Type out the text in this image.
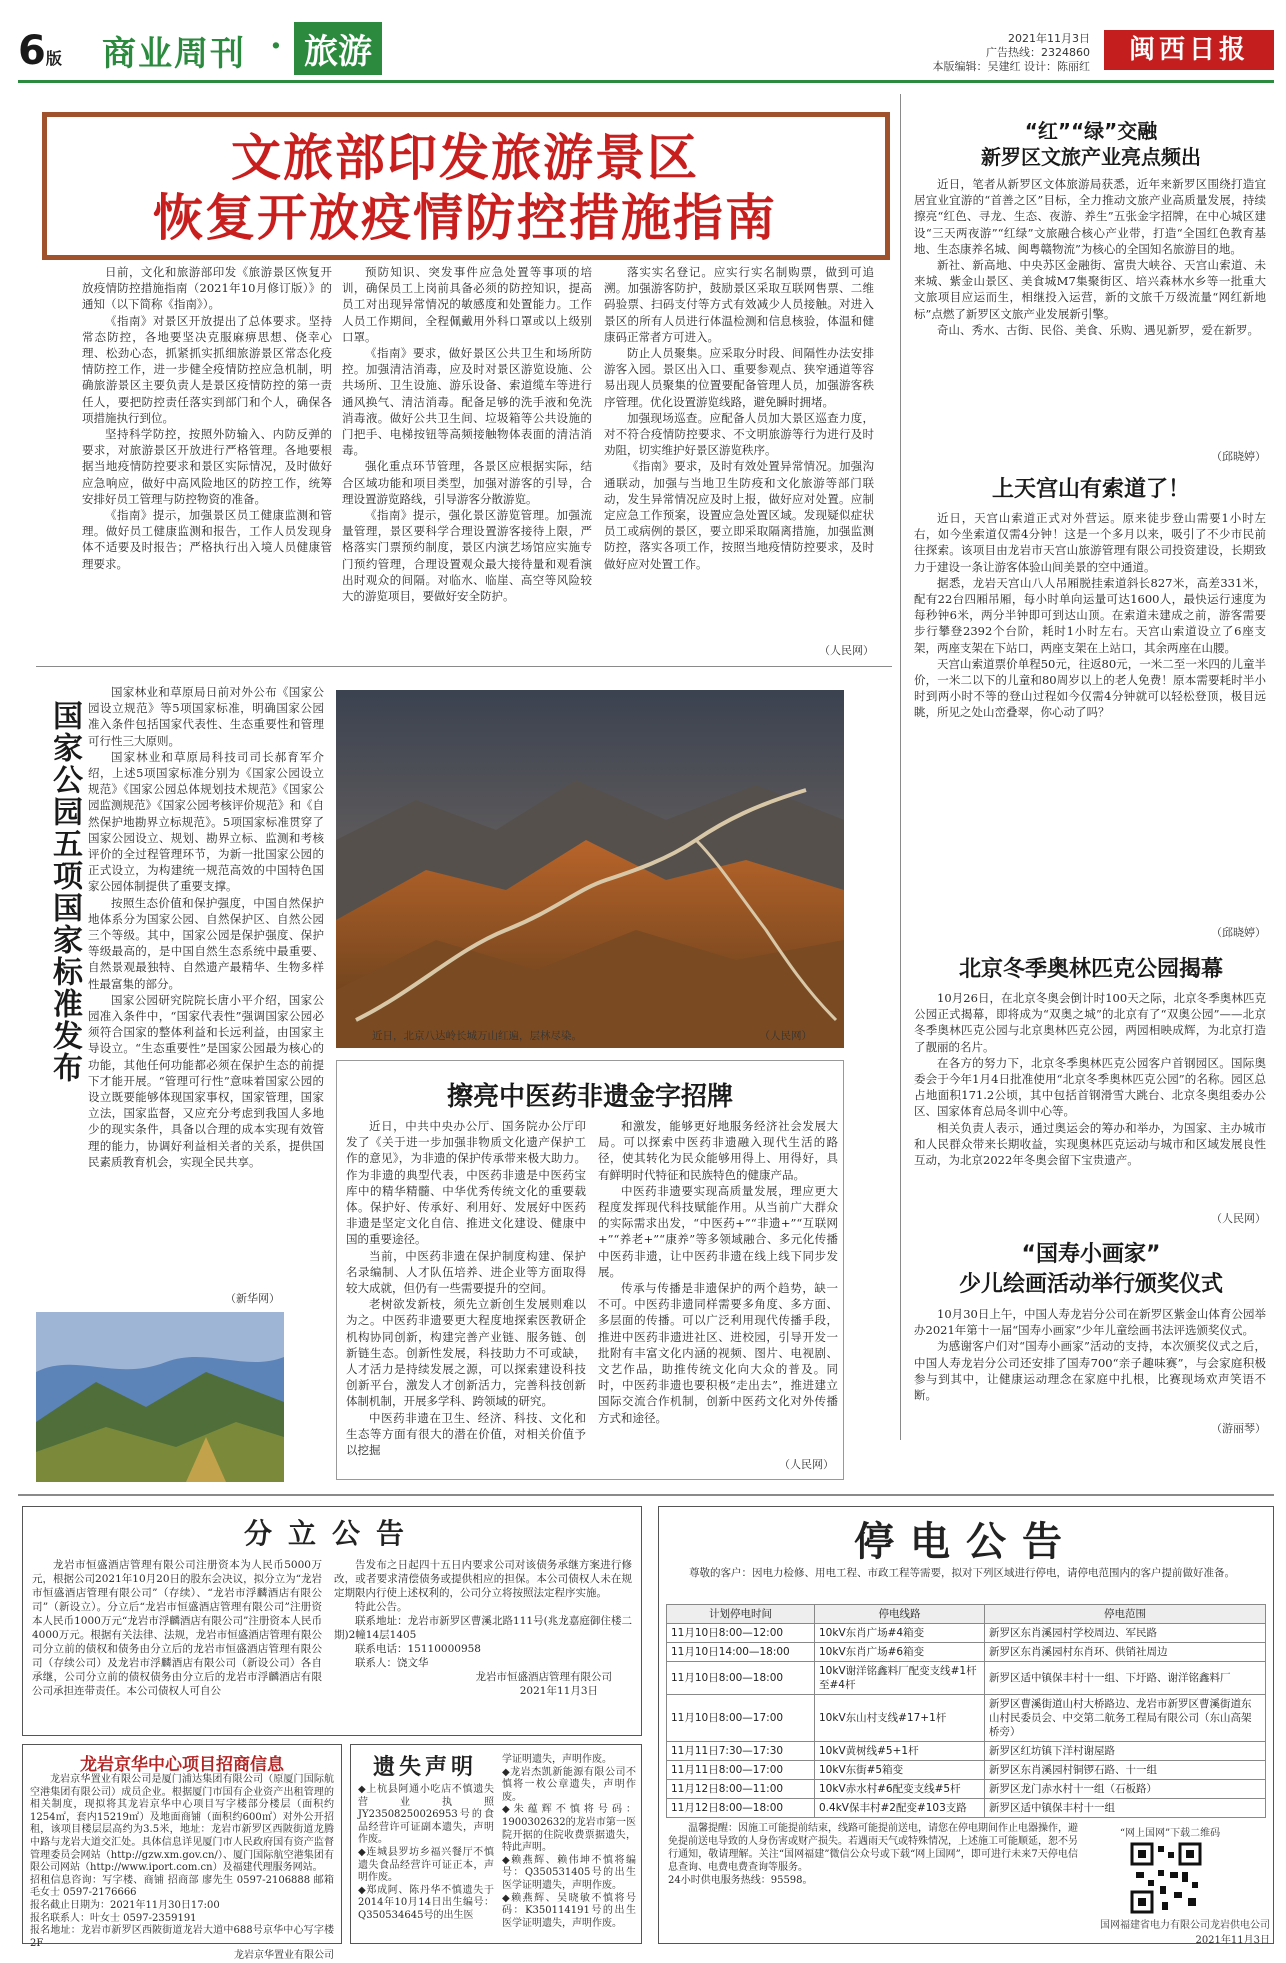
6版 商业周刊 · 旅游	2021年11月3日
广告热线：2324860
本版编辑：吴建红 设计：陈丽红
闽西日报
文旅部印发旅游景区
恢复开放疫情防控措施指南

日前，文化和旅游部印发《旅游景区恢复开放疫情防控措施指南（2021年10月修订版）》的通知（以下简称《指南》）。

《指南》对景区开放提出了总体要求。坚持常态防控，各地要坚决克服麻痹思想、侥幸心理、松劲心态，抓紧抓实抓细旅游景区常态化疫情防控工作，进一步健全疫情防控应急机制，明确旅游景区主要负责人是景区疫情防控的第一责任人，要把防控责任落实到部门和个人，确保各项措施执行到位。

坚持科学防控，按照外防输入、内防反弹的要求，对旅游景区开放进行严格管理。各地要根据当地疫情防控要求和景区实际情况，及时做好应急响应，做好中高风险地区的防控工作，统筹安排好员工管理与防控物资的准备。

《指南》提示，加强景区员工健康监测和管理。做好员工健康监测和报告，工作人员发现身体不适要及时报告；严格执行出入境人员健康管理要求。

预防知识、突发事件应急处置等事项的培训，确保员工上岗前具备必须的防控知识，提高员工对出现异常情况的敏感度和处置能力。工作人员工作期间，全程佩戴用外科口罩或以上级别口罩。

《指南》要求，做好景区公共卫生和场所防控。加强清洁消毒，应及时对景区游览设施、公共场所、卫生设施、游乐设备、索道缆车等进行通风换气、清洁消毒。配备足够的洗手液和免洗消毒液。做好公共卫生间、垃圾箱等公共设施的门把手、电梯按钮等高频接触物体表面的清洁消毒。

强化重点环节管理，各景区应根据实际，结合区域功能和项目类型，加强对游客的引导，合理设置游览路线，引导游客分散游览。

《指南》提示，强化景区游览管理。加强流量管理，景区要科学合理设置游客接待上限，严格落实门票预约制度，景区内演艺场馆应实施专门预约管理，合理设置观众最大接待量和观看演出时观众的间隔。对临水、临崖、高空等风险较大的游览项目，要做好安全防护。

落实实名登记。应实行实名制购票，做到可追溯。加强游客防护，鼓励景区采取互联网售票、二维码验票、扫码支付等方式有效减少人员接触。对进入景区的所有人员进行体温检测和信息核验，体温和健康码正常者方可进入。

防止人员聚集。应采取分时段、间隔性办法安排游客入园。景区出入口、重要参观点、狭窄通道等容易出现人员聚集的位置要配备管理人员，加强游客秩序管理。优化设置游览线路，避免瞬时拥堵。

加强现场巡查。应配备人员加大景区巡查力度，对不符合疫情防控要求、不文明旅游等行为进行及时劝阻，切实维护好景区游览秩序。

《指南》要求，及时有效处置异常情况。加强沟通联动，加强与当地卫生防疫和文化旅游等部门联动，发生异常情况应及时上报，做好应对处置。应制定应急工作预案，设置应急处置区域。发现疑似症状员工或病例的景区，要立即采取隔离措施，加强监测防控，落实各项工作，按照当地疫情防控要求，及时做好应对处置工作。

（人民网）
“红”“绿”交融
新罗区文旅产业亮点频出

近日，笔者从新罗区文体旅游局获悉，近年来新罗区围绕打造宜居宜业宜游的“首善之区”目标，全力推动文旅产业高质量发展，持续擦亮“红色、寻龙、生态、夜游、养生”五张金字招牌，在中心城区建设“三天两夜游”“红绿”文旅融合核心产业带，打造“全国红色教育基地、生态康养名城、闽粤赣物流”为核心的全国知名旅游目的地。

新社、新高地、中央苏区金融街、富贵大峡谷、天宫山索道、未来城、紫金山景区、美食城M7集聚街区、培兴森林水乡等一批重大文旅项目应运而生，相继投入运营，新的文旅千万级流量“网红新地标”点燃了新罗区文旅产业发展新引擎。

奇山、秀水、古街、民俗、美食、乐购、遇见新罗，爱在新罗。

（邱晓婷）
上天宫山有索道了！

近日，天宫山索道正式对外营运。原来徒步登山需要1小时左右，如今坐索道仅需4分钟！这是一个多月以来，吸引了不少市民前往探索。该项目由龙岩市天宫山旅游管理有限公司投资建设，长期致力于建设一条让游客体验山间美景的空中通道。

据悉，龙岩天宫山八人吊厢脱挂索道斜长827米，高差331米，配有22台四厢吊厢，每小时单向运量可达1600人，最快运行速度为每秒钟6米，两分半钟即可到达山顶。在索道未建成之前，游客需要步行攀登2392个台阶，耗时1小时左右。天宫山索道设立了6座支架，两座支架在下站口，两座支架在上站口，其余两座在山腰。

天宫山索道票价单程50元，往返80元，一米二至一米四的儿童半价，一米二以下的儿童和80周岁以上的老人免费！原本需要耗时半小时到两小时不等的登山过程如今仅需4分钟就可以轻松登顶，极目远眺，所见之处山峦叠翠，你心动了吗？

（邱晓婷）
北京冬季奥林匹克公园揭幕

10月26日，在北京冬奥会倒计时100天之际，北京冬季奥林匹克公园正式揭幕，即将成为“双奥之城”的北京有了“双奥公园”——北京冬季奥林匹克公园与北京奥林匹克公园，两园相映成辉，为北京打造了靓丽的名片。

在各方的努力下，北京冬季奥林匹克公园客户首钢园区。国际奥委会于今年1月4日批准使用“北京冬季奥林匹克公园”的名称。园区总占地面积171.2公顷，其中包括首钢滑雪大跳台、北京冬奥组委办公区、国家体育总局冬训中心等。

相关负责人表示，通过奥运会的筹办和举办，为国家、主办城市和人民群众带来长期收益，实现奥林匹克运动与城市和区域发展良性互动，为北京2022年冬奥会留下宝贵遗产。

（人民网）
“国寿小画家”
少儿绘画活动举行颁奖仪式

10月30日上午，中国人寿龙岩分公司在新罗区紫金山体育公园举办2021年第十一届“国寿小画家”少年儿童绘画书法评选颁奖仪式。

为感谢客户们对“国寿小画家”活动的支持，本次颁奖仪式之后，中国人寿龙岩分公司还安排了国寿700“亲子趣味赛”，与会家庭积极参与到其中，让健康运动理念在家庭中扎根，比赛现场欢声笑语不断。

（游丽琴）
国家公园五项国家标准发布

国家林业和草原局日前对外公布《国家公园设立规范》等5项国家标准，明确国家公园准入条件包括国家代表性、生态重要性和管理可行性三大原则。

国家林业和草原局科技司司长郝育军介绍，上述5项国家标准分别为《国家公园设立规范》《国家公园总体规划技术规范》《国家公园监测规范》《国家公园考核评价规范》和《自然保护地勘界立标规范》。5项国家标准贯穿了国家公园设立、规划、勘界立标、监测和考核评价的全过程管理环节，为新一批国家公园的正式设立，为构建统一规范高效的中国特色国家公园体制提供了重要支撑。

按照生态价值和保护强度，中国自然保护地体系分为国家公园、自然保护区、自然公园三个等级。其中，国家公园是保护强度、保护等级最高的，是中国自然生态系统中最重要、自然景观最独特、自然遗产最精华、生物多样性最富集的部分。

国家公园研究院院长唐小平介绍，国家公园准入条件中，“国家代表性”强调国家公园必须符合国家的整体利益和长远利益，由国家主导设立。“生态重要性”是国家公园最为核心的功能，其他任何功能都必须在保护生态的前提下才能开展。“管理可行性”意味着国家公园的设立既要能够体现国家事权，国家管理，国家立法，国家监督，又应充分考虑到我国人多地少的现实条件，具备以合理的成本实现有效管理的能力，协调好利益相关者的关系，提供国民素质教育机会，实现全民共享。

（新华网）
近日，北京八达岭长城万山红遍，层林尽染。	（人民网）
擦亮中医药非遗金字招牌

近日，中共中央办公厅、国务院办公厅印发了《关于进一步加强非物质文化遗产保护工作的意见》，为非遗的保护传承带来极大助力。作为非遗的典型代表，中医药非遗是中医药宝库中的精华精髓、中华优秀传统文化的重要载体。保护好、传承好、利用好、发展好中医药非遗是坚定文化自信、推进文化建设、健康中国的重要途径。

当前，中医药非遗在保护制度构建、保护名录编制、人才队伍培养、进企业等方面取得较大成就，但仍有一些需要提升的空间。

老树欲发新枝，须先立新创生发展则难以为之。中医药非遗要更大程度地探索医教研企机构协同创新，构建完善产业链、服务链、创新链生态。创新性发展，科技助力不可或缺，人才活力是持续发展之源，可以探索建设科技创新平台，激发人才创新活力，完善科技创新体制机制，开展多学科、跨领域的研究。

中医药非遗在卫生、经济、科技、文化和生态等方面有很大的潜在价值，对相关价值予以挖掘

和激发，能够更好地服务经济社会发展大局。可以探索中医药非遗融入现代生活的路径，使其转化为民众能够用得上、用得好，具有鲜明时代特征和民族特色的健康产品。

中医药非遗要实现高质量发展，理应更大程度发挥现代科技赋能作用。从当前广大群众的实际需求出发，“中医药+”“非遗+”“互联网+”“养老+”“康养”等多领域融合、多元化传播中医药非遗，让中医药非遗在线上线下同步发展。

传承与传播是非遗保护的两个趋势，缺一不可。中医药非遗同样需要多角度、多方面、多层面的传播。可以广泛利用现代传播手段，推进中医药非遗进社区、进校园，引导开发一批附有丰富文化内涵的视频、图片、电视剧、文艺作品，助推传统文化向大众的普及。同时，中医药非遗也要积极“走出去”，推进建立国际交流合作机制，创新中医药文化对外传播方式和途径。

（人民网）
分立公告

龙岩市恒盛酒店管理有限公司注册资本为人民币5000万元，根据公司2021年10月20日的股东会决议，拟分立为“龙岩市恒盛酒店管理有限公司”（存续）、“龙岩市浮麟酒店有限公司”（新设立）。分立后“龙岩市恒盛酒店管理有限公司”注册资本人民币1000万元“龙岩市浮麟酒店有限公司”注册资本人民币4000万元。根据有关法律、法规，龙岩市恒盛酒店管理有限公司分立前的债权和债务由分立后的龙岩市恒盛酒店管理有限公司（存续公司）及龙岩市浮麟酒店有限公司（新设公司）各自承继，公司分立前的债权债务由分立后的龙岩市浮麟酒店有限公司承担连带责任。本公司债权人可自公

告发布之日起四十五日内要求公司对该债务承继方案进行修改，或者要求清偿债务或提供相应的担保。本公司债权人未在规定期限内行使上述权利的，公司分立将按照法定程序实施。

特此公告。

联系地址：龙岩市新罗区曹溪北路111号(兆龙嘉庭御住楼二期)2幢14层1405

联系电话：15110000958

联系人：饶文华

龙岩市恒盛酒店管理有限公司
2021年11月3日
龙岩京华中心项目招商信息

龙岩京华置业有限公司是厦门浦达集团有限公司（原厦门国际航空港集团有限公司）成员企业。根据厦门市国有企业资产出租管理的相关制度，现拟将其龙岩京华中心项目写字楼部分楼层（面积约1254㎡，套内15219㎡）及地面商铺（面积约600㎡）对外公开招租，该项目楼层层高约为3.5米，地址：龙岩市新罗区西陂街道龙腾中路与龙岩大道交汇处。具体信息详见厦门市人民政府国有资产监督管理委员会网站（http://gzw.xm.gov.cn/）、厦门国际航空港集团有限公司网站（http://www.iport.com.cn）及福建代理服务网站。

招租信息咨询：写字楼、商铺 招商部 廖先生 0597-2106888 邮箱 毛女士 0597-2176666
报名截止日期为：2021年11月30日17:00
报名联系人：叶女士 0597-2359191
报名地址：龙岩市新罗区西陂街道龙岩大道中688号京华中心写字楼2F
龙岩京华置业有限公司
遗失声明
◆上杭县阿通小吃店不慎遗失营业执照JY23508250026953号的食品经营许可证副本遗失，声明作废。
◆连城县罗坊乡福兴餐厅不慎遗失食品经营许可证正本，声明作废。
◆郑成阿、陈丹华不慎遗失于2014年10月14日出生编号：Q350534645号的出生医
学证明遗失，声明作废。
◆龙岩杰凯新能源有限公司不慎将一枚公章遗失，声明作废。
◆朱蕴辉不慎将号码：1900302632的龙岩市第一医院开据的住院收费票据遗失，特此声明。
◆赖燕辉、赖伟坤不慎将编号：Q350531405号的出生医学证明遗失，声明作废。
◆赖燕辉、吴晓敏不慎将号码：K350114191号的出生医学证明遗失，声明作废。
停电公告

尊敬的客户：因电力检修、用电工程、市政工程等需要，拟对下列区域进行停电，请停电范围内的客户提前做好准备。

计划停电时间	停电线路	停电范围
11月10日8:00—12:00	10kV东肖广场#4箱变	新罗区东肖溪园村学校周边、军民路
11月10日14:00—18:00	10kV东肖广场#6箱变	新罗区东肖溪园村东肖环、供销社周边
11月10日8:00—18:00	10kV谢洋铭鑫料厂配变支线#1杆至#4杆	新罗区适中镇保丰村十一组、下圩路、谢洋铭鑫料厂
11月10日8:00—17:00	10kV东山村支线#17+1杆	新罗区曹溪街道山村大桥路边、龙岩市新罗区曹溪街道东山村民委员会、中交第二航务工程局有限公司（东山高架桥旁）
11月11日7:30—17:30	10kV黄树线#5+1杆	新罗区红坊镇下洋村谢屋路
11月11日8:00—17:00	10kV东街#5箱变	新罗区东肖溪园村铜锣石路、十一组
11月12日8:00—11:00	10kV赤水村#6配变支线#5杆	新罗区龙门赤水村十一组（石板路）
11月12日8:00—18:00	0.4kV保丰村#2配变#103支路	新罗区适中镇保丰村十一组

温馨提醒：因施工可能提前结束，线路可能提前送电，请您在停电期间作止电器操作，避免提前送电导致的人身伤害或财产损失。若遇雨天气或特殊情况，上述施工可能顺延，恕不另行通知，敬请理解。关注“国网福建”微信公众号或下载“网上国网”，即可进行未来7天停电信息查询、电费电费查询等服务。

24小时供电服务热线：95598。
“网上国网”下载二维码
国网福建省电力有限公司龙岩供电公司
2021年11月3日
